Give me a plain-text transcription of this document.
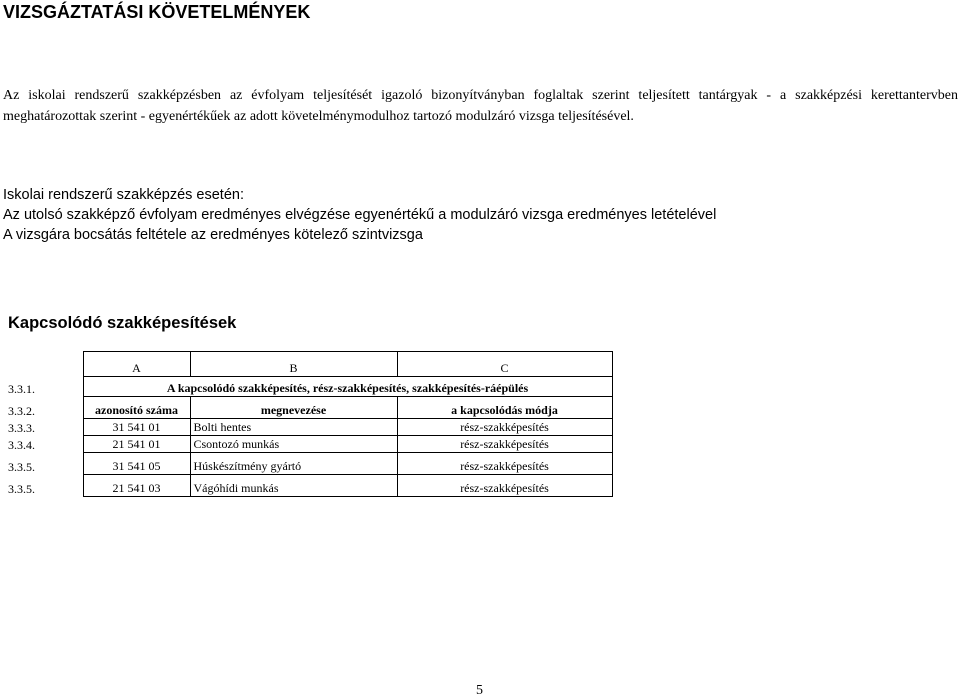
VIZSGÁZTATÁSI KÖVETELMÉNYEK
Az iskolai rendszerű szakképzésben az évfolyam teljesítését igazoló bizonyítványban foglaltak szerint teljesített tantárgyak - a szakképzési kerettantervben meghatározottak szerint - egyenértékűek az adott követelménymodulhoz tartozó modulzáró vizsga teljesítésével.
Iskolai rendszerű szakképzés esetén:
Az utolsó szakképző évfolyam eredményes elvégzése egyenértékű a modulzáró vizsga eredményes letételével
A vizsgára bocsátás feltétele az eredményes kötelező szintvizsga
Kapcsolódó szakképesítések
	A	B	C
3.3.1.	A kapcsolódó szakképesítés, rész-szakképesítés, szakképesítés-ráépülés		
3.3.2.	azonosító száma	megnevezése	a kapcsolódás módja
3.3.3.	31 541 01	Bolti hentes	rész-szakképesítés
3.3.4.	21 541 01	Csontozó munkás	rész-szakképesítés
3.3.5.	31 541 05	Húskészítmény gyártó	rész-szakképesítés
3.3.5.	21 541 03	Vágóhídi munkás	rész-szakképesítés
5
